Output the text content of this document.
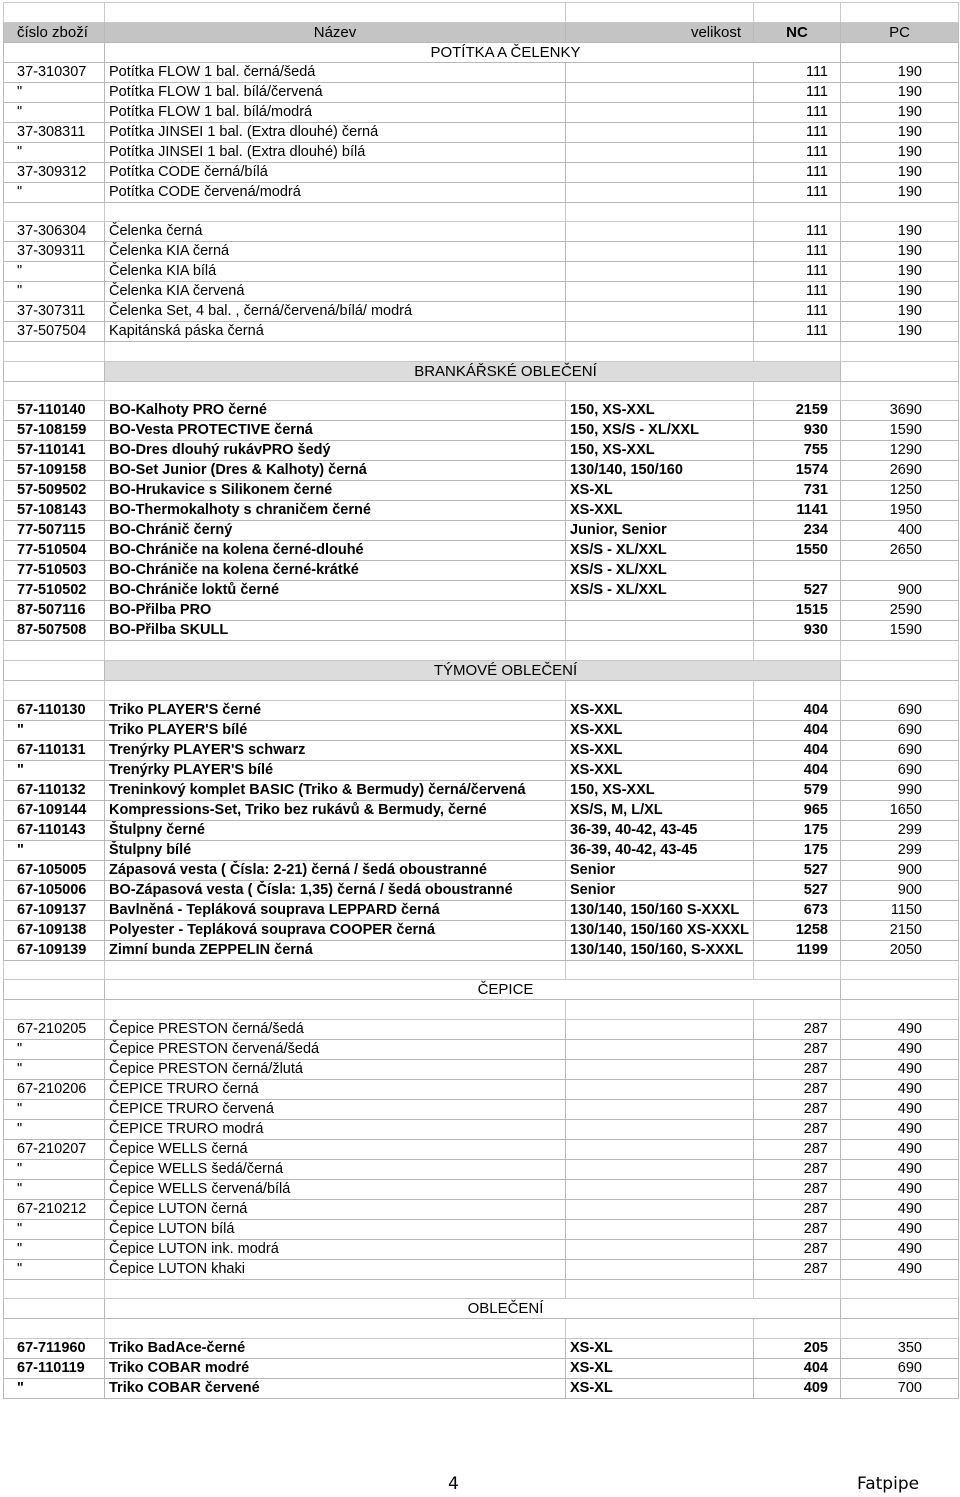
číslo zboží	Název	velikost	NC	PC
	POTÍTKA A ČELENKY			
37-310307	Potítka FLOW 1 bal. černá/šedá		111	190
"	Potítka FLOW 1 bal. bílá/červená		111	190
"	Potítka FLOW 1 bal. bílá/modrá		111	190
37-308311	Potítka JINSEI 1 bal. (Extra dlouhé) černá		111	190
"	Potítka JINSEI 1 bal. (Extra dlouhé) bílá		111	190
37-309312	Potítka CODE černá/bílá		111	190
"	Potítka CODE červená/modrá		111	190

37-306304	Čelenka černá		111	190
37-309311	Čelenka KIA černá		111	190
"	Čelenka KIA bílá		111	190
"	Čelenka KIA červená		111	190
37-307311	Čelenka Set, 4 bal. , černá/červená/bílá/ modrá		111	190
37-507504	Kapitánská páska černá		111	190

	BRANKÁŘSKÉ OBLEČENÍ			

57-110140	BO-Kalhoty PRO černé	150, XS-XXL	2159	3690
57-108159	BO-Vesta PROTECTIVE černá	150, XS/S - XL/XXL	930	1590
57-110141	BO-Dres dlouhý rukávPRO šedý	150, XS-XXL	755	1290
57-109158	BO-Set Junior (Dres & Kalhoty) černá	130/140, 150/160	1574	2690
57-509502	BO-Hrukavice s Silikonem černé	XS-XL	731	1250
57-108143	BO-Thermokalhoty s chraničem černé	XS-XXL	1141	1950
77-507115	BO-Chránič černý	Junior, Senior	234	400
77-510504	BO-Chrániče na kolena černé-dlouhé	XS/S - XL/XXL	1550	2650
77-510503	BO-Chrániče na kolena černé-krátké	XS/S - XL/XXL		
77-510502	BO-Chrániče loktů černé	XS/S - XL/XXL	527	900
87-507116	BO-Přilba PRO		1515	2590
87-507508	BO-Přilba SKULL		930	1590

	TÝMOVÉ OBLEČENÍ			

67-110130	Triko PLAYER'S černé	XS-XXL	404	690
"	Triko PLAYER'S bílé	XS-XXL	404	690
67-110131	Trenýrky PLAYER'S schwarz	XS-XXL	404	690
"	Trenýrky PLAYER'S bílé	XS-XXL	404	690
67-110132	Treninkový komplet BASIC (Triko & Bermudy) černá/červená	150, XS-XXL	579	990
67-109144	Kompressions-Set, Triko bez rukávů & Bermudy, černé	XS/S, M, L/XL	965	1650
67-110143	Štulpny černé	36-39, 40-42, 43-45	175	299
"	Štulpny bílé	36-39, 40-42, 43-45	175	299
67-105005	Zápasová vesta ( Čísla: 2-21) černá / šedá oboustranné	Senior	527	900
67-105006	BO-Zápasová vesta ( Čísla: 1,35) černá / šedá oboustranné	Senior	527	900
67-109137	Bavlněná - Tepláková souprava LEPPARD černá	130/140, 150/160 S-XXXL	673	1150
67-109138	Polyester - Tepláková souprava COOPER černá	130/140, 150/160 XS-XXXL	1258	2150
67-109139	Zimní bunda ZEPPELIN černá	130/140, 150/160, S-XXXL	1199	2050

	ČEPICE			

67-210205	Čepice PRESTON černá/šedá		287	490
"	Čepice PRESTON červená/šedá		287	490
"	Čepice PRESTON černá/žlutá		287	490
67-210206	ČEPICE TRURO černá		287	490
"	ČEPICE TRURO červená		287	490
"	ČEPICE TRURO modrá		287	490
67-210207	Čepice WELLS černá		287	490
"	Čepice WELLS šedá/černá		287	490
"	Čepice WELLS červená/bílá		287	490
67-210212	Čepice LUTON černá		287	490
"	Čepice LUTON bílá		287	490
"	Čepice LUTON ink. modrá		287	490
"	Čepice LUTON khaki		287	490

	OBLEČENÍ			

67-711960	Triko BadAce-černé	XS-XL	205	350
67-110119	Triko COBAR modré	XS-XL	404	690
"	Triko COBAR červené	XS-XL	409	700
4	Fatpipe
